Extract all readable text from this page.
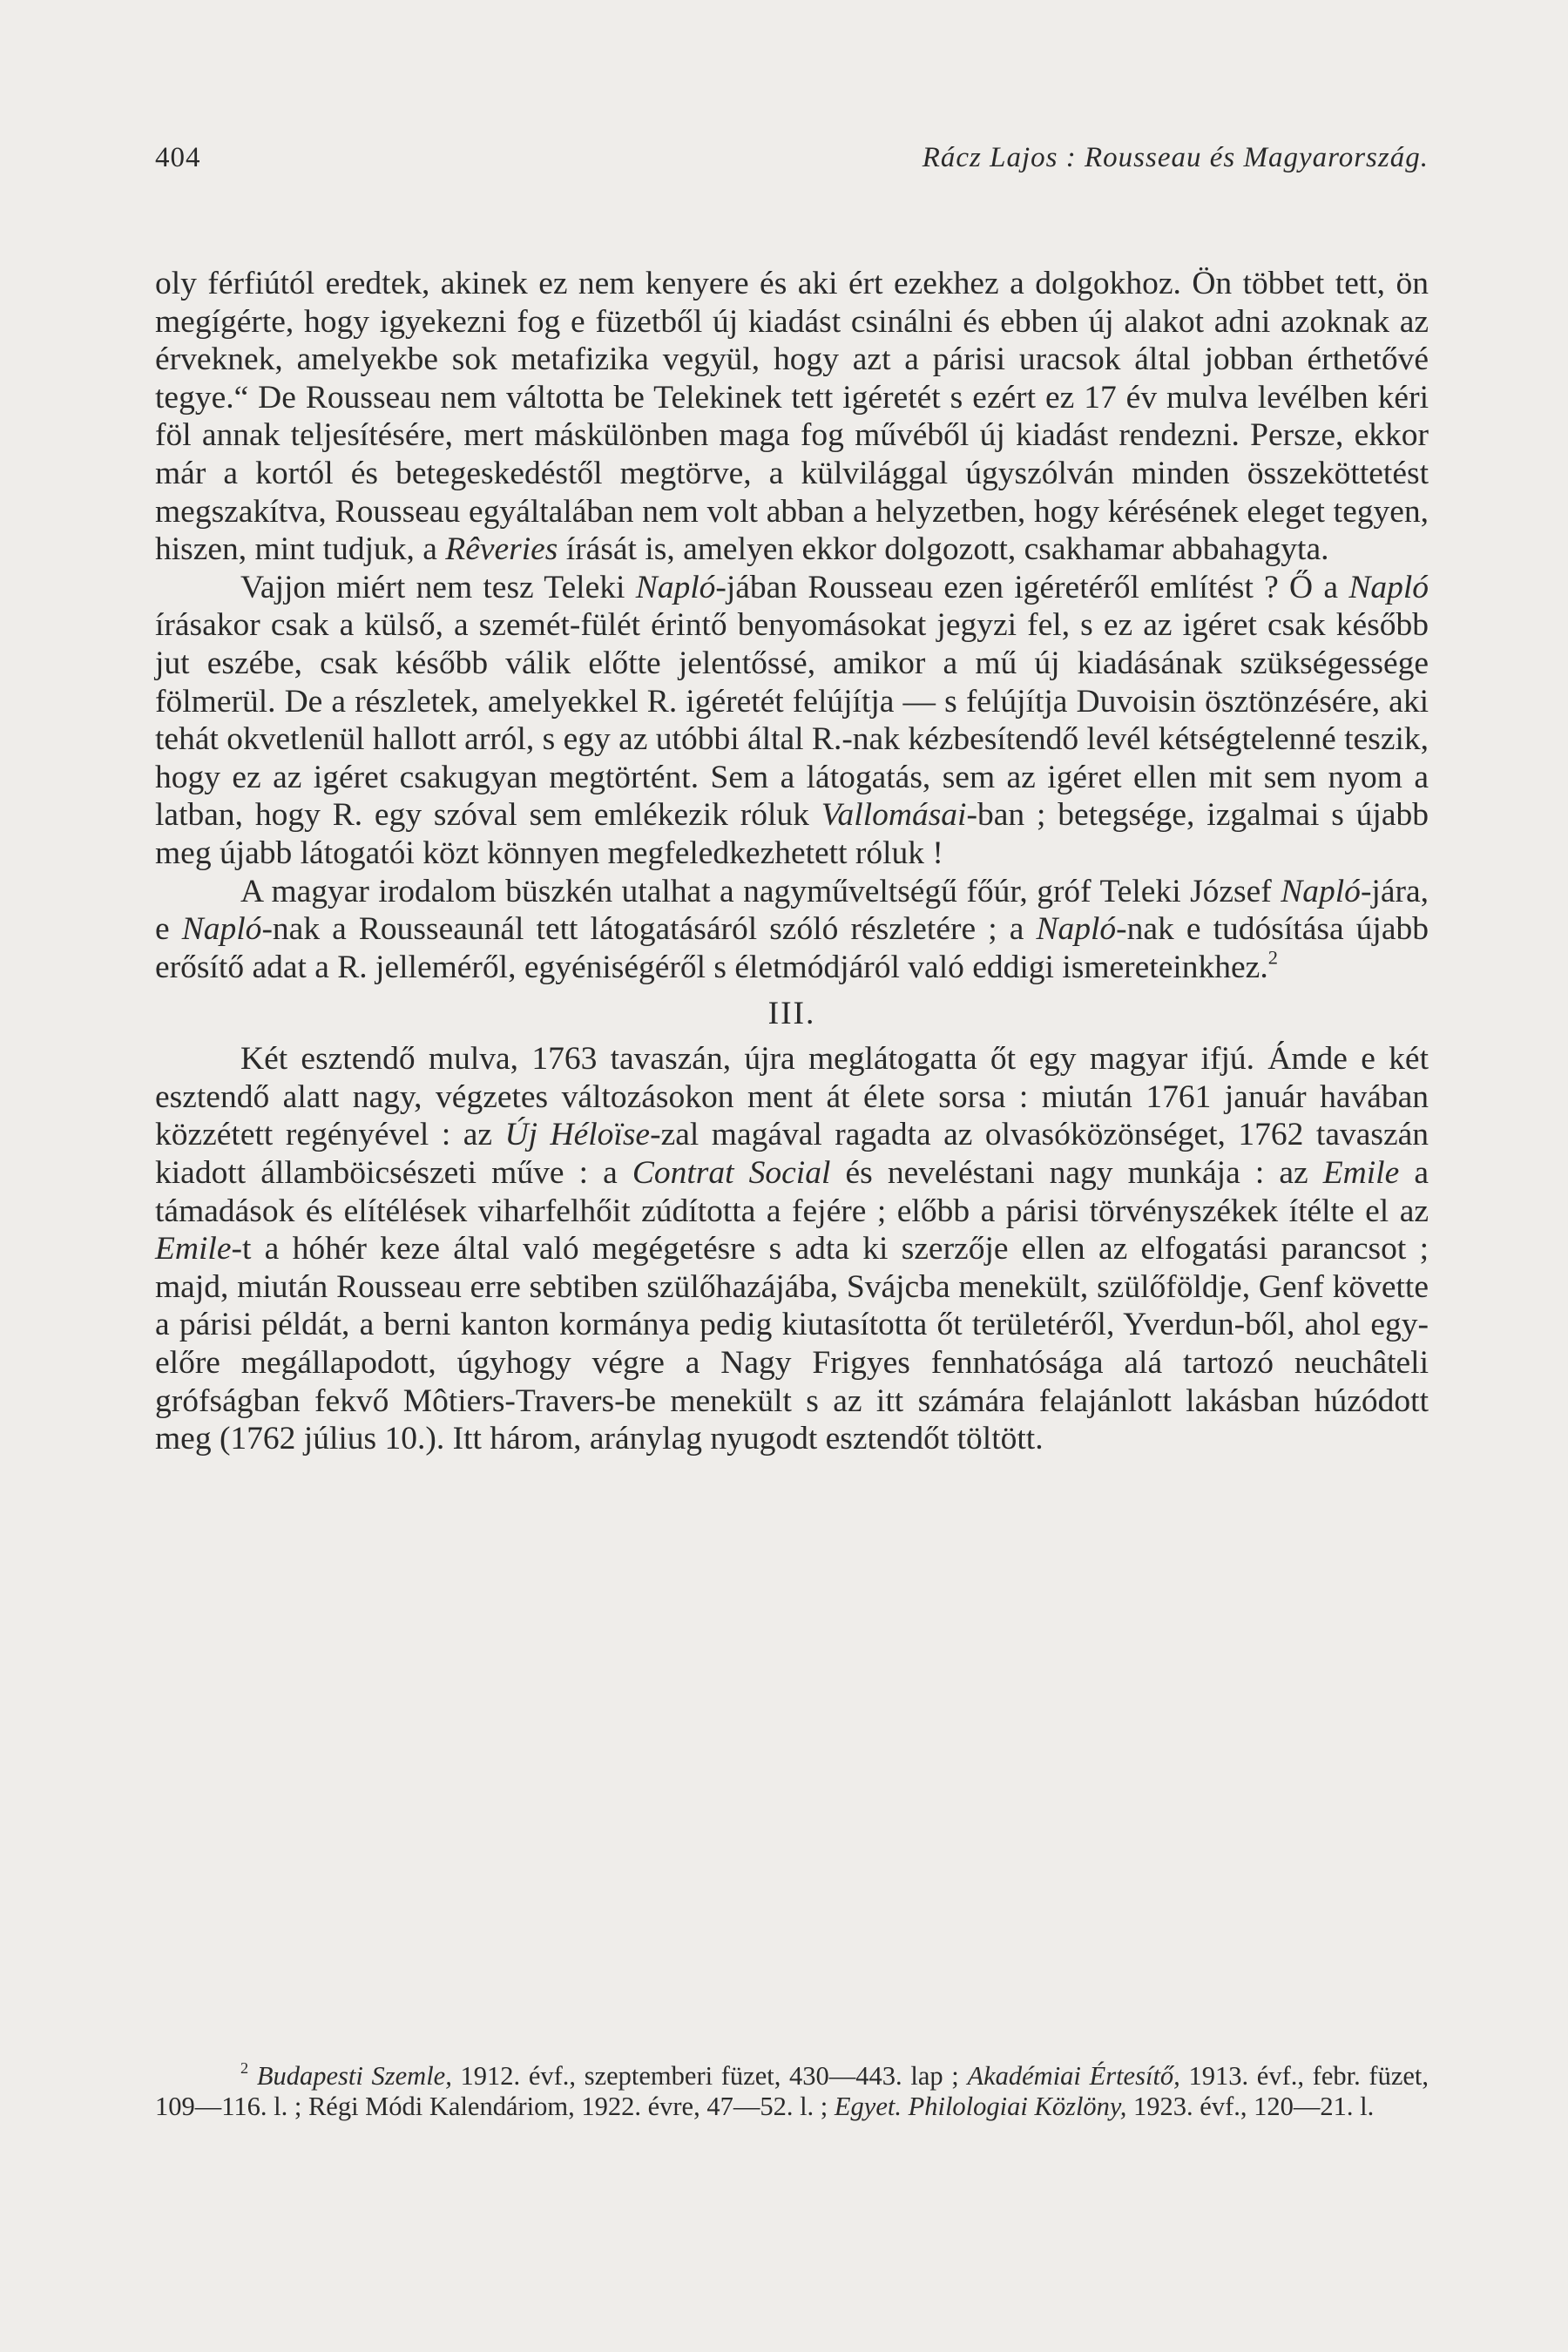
404	Rácz Lajos : Rousseau és Magyarország.

oly férfiútól eredtek, akinek ez nem kenyere és aki ért ezekhez a dolgokhoz. Ön többet tett, ön megígérte, hogy igyekezni fog e füzetből új kiadást csinálni és ebben új alakot adni azoknak az érveknek, amelyekbe sok metafizika vegyül, hogy azt a párisi uracsok által jobban érthetővé tegye.“ De Rousseau nem váltotta be Telekinek tett igéretét s ezért ez 17 év mulva levélben kéri föl annak teljesítésére, mert máskülönben maga fog művéből új kiadást rendezni. Persze, ekkor már a kortól és betegeskedéstől megtörve, a külvilággal úgyszólván minden összeköttetést megszakítva, Rousseau egyáltalában nem volt abban a helyzetben, hogy kérésének eleget tegyen, hiszen, mint tudjuk, a Rêveries írását is, amelyen ekkor dolgozott, csakhamar abbahagyta.

Vajjon miért nem tesz Teleki Napló-jában Rousseau ezen igéretéről említést ? Ő a Napló írásakor csak a külső, a szemét-fülét érintő benyomásokat jegyzi fel, s ez az igéret csak később jut eszébe, csak később válik előtte jelentőssé, amikor a mű új kiadásának szükségessége fölmerül. De a részletek, amelyekkel R. igéretét felújítja — s felújítja Duvoisin ösztönzésére, aki tehát okvetlenül hallott arról, s egy az utóbbi által R.-nak kézbesítendő levél kétségtelenné teszik, hogy ez az igéret csakugyan megtörtént. Sem a látogatás, sem az igéret ellen mit sem nyom a latban, hogy R. egy szóval sem emlékezik róluk Vallomásai-ban ; betegsége, izgalmai s újabb meg újabb látogatói közt könnyen megfeledkezhetett róluk !

A magyar irodalom büszkén utalhat a nagyműveltségű főúr, gróf Teleki József Napló-jára, e Napló-nak a Rousseaunál tett látogatásáról szóló részletére ; a Napló-nak e tudósítása újabb erősítő adat a R. jelleméről, egyéniségéről s életmódjáról való eddigi ismereteinkhez.$^2$

III.

Két esztendő mulva, 1763 tavaszán, újra meglátogatta őt egy magyar ifjú. Ámde e két esztendő alatt nagy, végzetes változásokon ment át élete sorsa : miután 1761 január havában közzétett regényével : az Új Héloïse-zal magával ragadta az olvasóközönséget, 1762 tavaszán kiadott államböicsészeti műve : a Contrat Social és neveléstani nagy munkája : az Emile a támadások és elítélések viharfelhőit zúdította a fejére ; előbb a párisi törvényszékek ítélte el az Emile-t a hóhér keze által való megégetésre s adta ki szerzője ellen az elfogatási parancsot ; majd, miután Rousseau erre sebtiben szülőhazájába, Svájcba menekült, szülőföldje, Genf követte a párisi példát, a berni kanton kormánya pedig kiutasította őt területéről, Yverdun-ből, ahol egyelőre megállapodott, úgyhogy végre a Nagy Frigyes fennhatósága alá tartozó neuchâteli grófságban fekvő Môtiers-Travers-be menekült s az itt számára felajánlott lakásban húzódott meg (1762 július 10.). Itt három, aránylag nyugodt esztendőt töltött.

$^2$ Budapesti Szemle, 1912. évf., szeptemberi füzet, 430—443. lap ; Akadémiai Értesítő, 1913. évf., febr. füzet, 109—116. l. ; Régi Módi Kalendáriom, 1922. évre, 47—52. l. ; Egyet. Philologiai Közlöny, 1923. évf., 120—21. l.
